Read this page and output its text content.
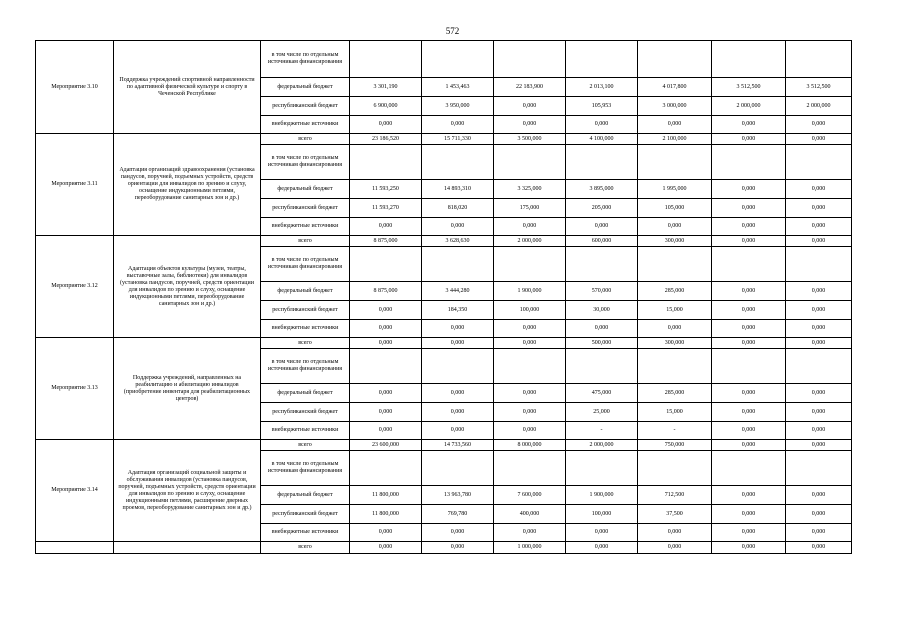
572
Мероприятие 3.10	Поддержка учреждений спортивной направленности по адаптивной физической культуре и спорту в Чеченской Республике	в том числе по отдельным источникам финансирования							
		федеральный бюджет	3 301,190	1 453,463	22 183,900	2 013,100	4 017,800	3 512,500	3 512,500
		республиканский бюджет	6 900,000	3 950,000	0,000	105,953	3 000,000	2 000,000	2 000,000
		внебюджетные источники	0,000	0,000	0,000	0,000	0,000	0,000	0,000
Мероприятие 3.11	Адаптация организаций здравоохранения (установка пандусов, поручней, подъемных устройств, средств ориентации для инвалидов по зрению и слуху, оснащение индукционными петлями, переоборудование санитарных зон и др.)	всего	23 186,520	15 711,330	3 500,000	4 100,000	2 100,000	0,000	0,000
		в том числе по отдельным источникам финансирования							
		федеральный бюджет	11 593,250	14 893,310	3 325,000	3 895,000	1 995,000	0,000	0,000
		республиканский бюджет	11 593,270	818,020	175,000	205,000	105,000	0,000	0,000
		внебюджетные источники	0,000	0,000	0,000	0,000	0,000	0,000	0,000
Мероприятие 3.12	Адаптация объектов культуры (музеи, театры, выставочные залы, библиотеки) для инвалидов (установка пандусов, поручней, средств ориентации для инвалидов по зрению и слуху, оснащение индукционными петлями, переоборудование санитарных зон и др.)	всего	8 875,000	3 628,630	2 000,000	600,000	300,000	0,000	0,000
		в том числе по отдельным источникам финансирования							
		федеральный бюджет	8 875,000	3 444,280	1 900,000	570,000	285,000	0,000	0,000
		республиканский бюджет	0,000	184,350	100,000	30,000	15,000	0,000	0,000
		внебюджетные источники	0,000	0,000	0,000	0,000	0,000	0,000	0,000
Мероприятие 3.13	Поддержка учреждений, направленных на реабилитацию и абилитацию инвалидов (приобретение инвентаря для реабилитационных центров)	всего	0,000	0,000	0,000	500,000	300,000	0,000	0,000
		в том числе по отдельным источникам финансирования							
		федеральный бюджет	0,000	0,000	0,000	475,000	285,000	0,000	0,000
		республиканский бюджет	0,000	0,000	0,000	25,000	15,000	0,000	0,000
		внебюджетные источники	0,000	0,000	0,000	-	-	0,000	0,000
Мероприятие 3.14	Адаптация организаций социальной защиты и обслуживания инвалидов (установка пандусов, поручней, подъемных устройств, средств ориентации для инвалидов по зрению и слуху, оснащение индукционными петлями, расширение дверных проемов, переоборудование санитарных зон и др.)	всего	23 600,000	14 733,560	8 000,000	2 000,000	750,000	0,000	0,000
		в том числе по отдельным источникам финансирования							
		федеральный бюджет	11 800,000	13 963,780	7 600,000	1 900,000	712,500	0,000	0,000
		республиканский бюджет	11 800,000	769,780	400,000	100,000	37,500	0,000	0,000
		внебюджетные источники	0,000	0,000	0,000	0,000	0,000	0,000	0,000
		всего	0,000	0,000	1 000,000	0,000	0,000	0,000	0,000
